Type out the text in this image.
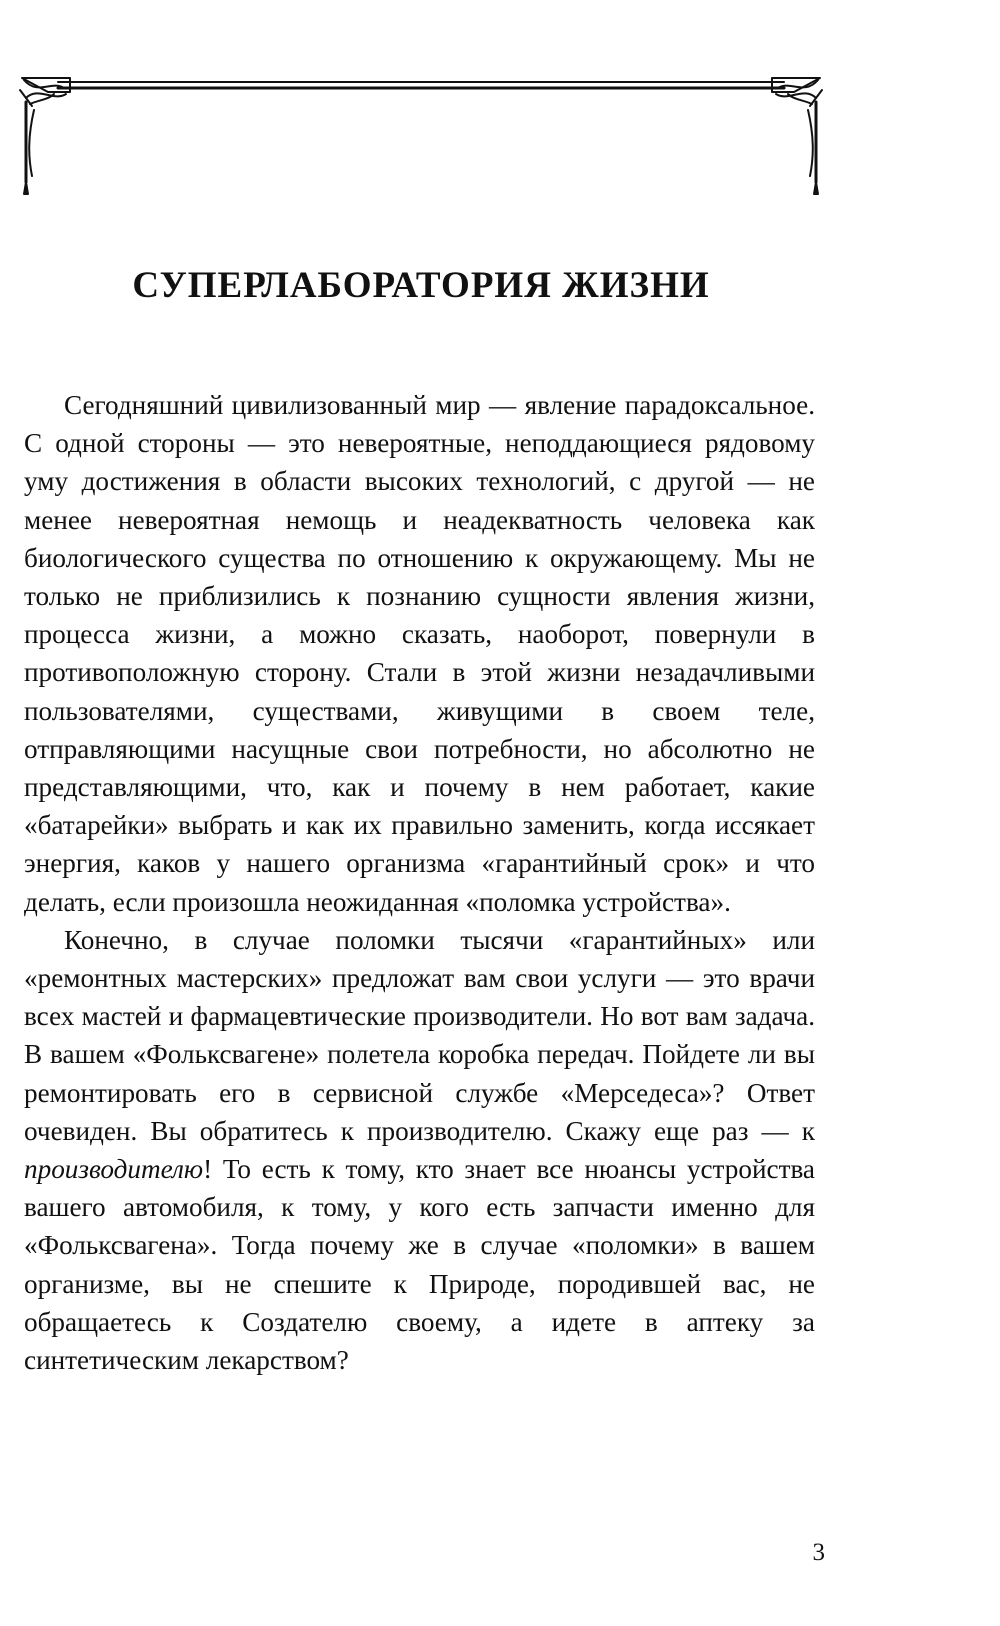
СУПЕРЛАБОРАТОРИЯ ЖИЗНИ

Сегодняшний цивилизованный мир — явление парадоксальное. С одной стороны — это невероятные, неподдающиеся рядовому уму достижения в области высоких технологий, с другой — не менее невероятная немощь и неадекватность человека как биологического существа по отношению к окружающему. Мы не только не приблизились к познанию сущности явления жизни, процесса жизни, а можно сказать, наоборот, повернули в противоположную сторону. Стали в этой жизни незадачливыми пользователями, существами, живущими в своем теле, отправляющими насущные свои потребности, но абсолютно не представляющими, что, как и почему в нем работает, какие «батарейки» выбрать и как их правильно заменить, когда иссякает энергия, каков у нашего организма «гарантийный срок» и что делать, если произошла неожиданная «поломка устройства».

Конечно, в случае поломки тысячи «гарантийных» или «ремонтных мастерских» предложат вам свои услуги — это врачи всех мастей и фармацевтические производители. Но вот вам задача. В вашем «Фольксвагене» полетела коробка передач. Пойдете ли вы ремонтировать его в сервисной службе «Мерседеса»? Ответ очевиден. Вы обратитесь к производителю. Скажу еще раз — к производителю! То есть к тому, кто знает все нюансы устройства вашего автомобиля, к тому, у кого есть запчасти именно для «Фольксвагена». Тогда почему же в случае «поломки» в вашем организме, вы не спешите к Природе, породившей вас, не обращаетесь к Создателю своему, а идете в аптеку за синтетическим лекарством?

3
